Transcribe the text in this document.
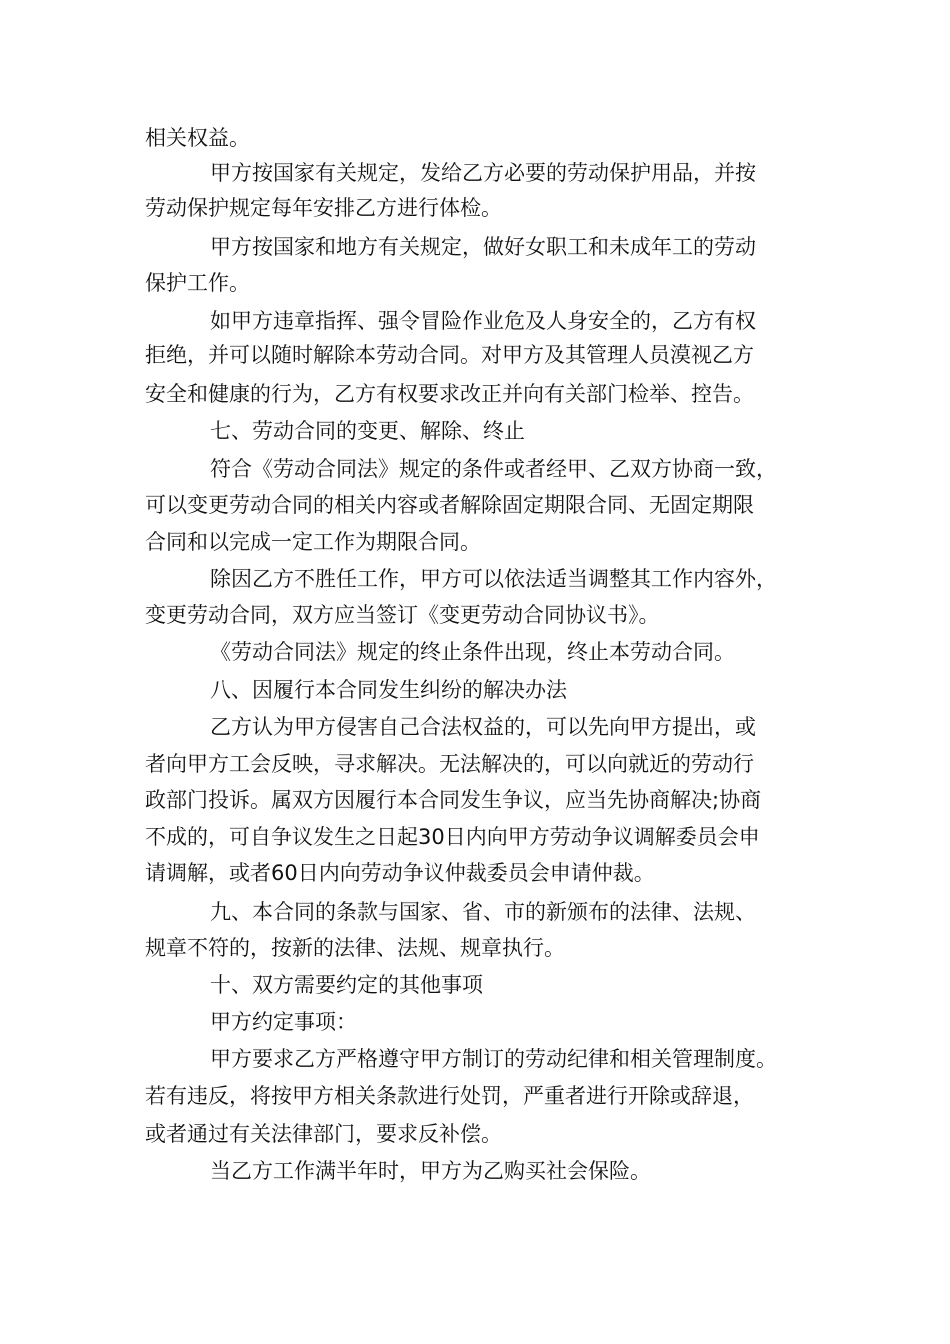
相关权益。
甲方按国家有关规定，发给乙方必要的劳动保护用品，并按
劳动保护规定每年安排乙方进行体检。
甲方按国家和地方有关规定，做好女职工和未成年工的劳动
保护工作。
如甲方违章指挥、强令冒险作业危及人身安全的，乙方有权
拒绝，并可以随时解除本劳动合同。对甲方及其管理人员漠视乙方
安全和健康的行为，乙方有权要求改正并向有关部门检举、控告。
七、劳动合同的变更、解除、终止
符合《劳动合同法》规定的条件或者经甲、乙双方协商一致，
可以变更劳动合同的相关内容或者解除固定期限合同、无固定期限
合同和以完成一定工作为期限合同。
除因乙方不胜任工作，甲方可以依法适当调整其工作内容外，
变更劳动合同，双方应当签订《变更劳动合同协议书》。
《劳动合同法》规定的终止条件出现，终止本劳动合同。
八、因履行本合同发生纠纷的解决办法
乙方认为甲方侵害自己合法权益的，可以先向甲方提出，或
者向甲方工会反映，寻求解决。无法解决的，可以向就近的劳动行
政部门投诉。属双方因履行本合同发生争议，应当先协商解决;协商
不成的，可自争议发生之日起30日内向甲方劳动争议调解委员会申
请调解，或者60日内向劳动争议仲裁委员会申请仲裁。
九、本合同的条款与国家、省、市的新颁布的法律、法规、
规章不符的，按新的法律、法规、规章执行。
十、双方需要约定的其他事项
甲方约定事项：
甲方要求乙方严格遵守甲方制订的劳动纪律和相关管理制度。
若有违反，将按甲方相关条款进行处罚，严重者进行开除或辞退，
或者通过有关法律部门，要求反补偿。
当乙方工作满半年时，甲方为乙购买社会保险。
